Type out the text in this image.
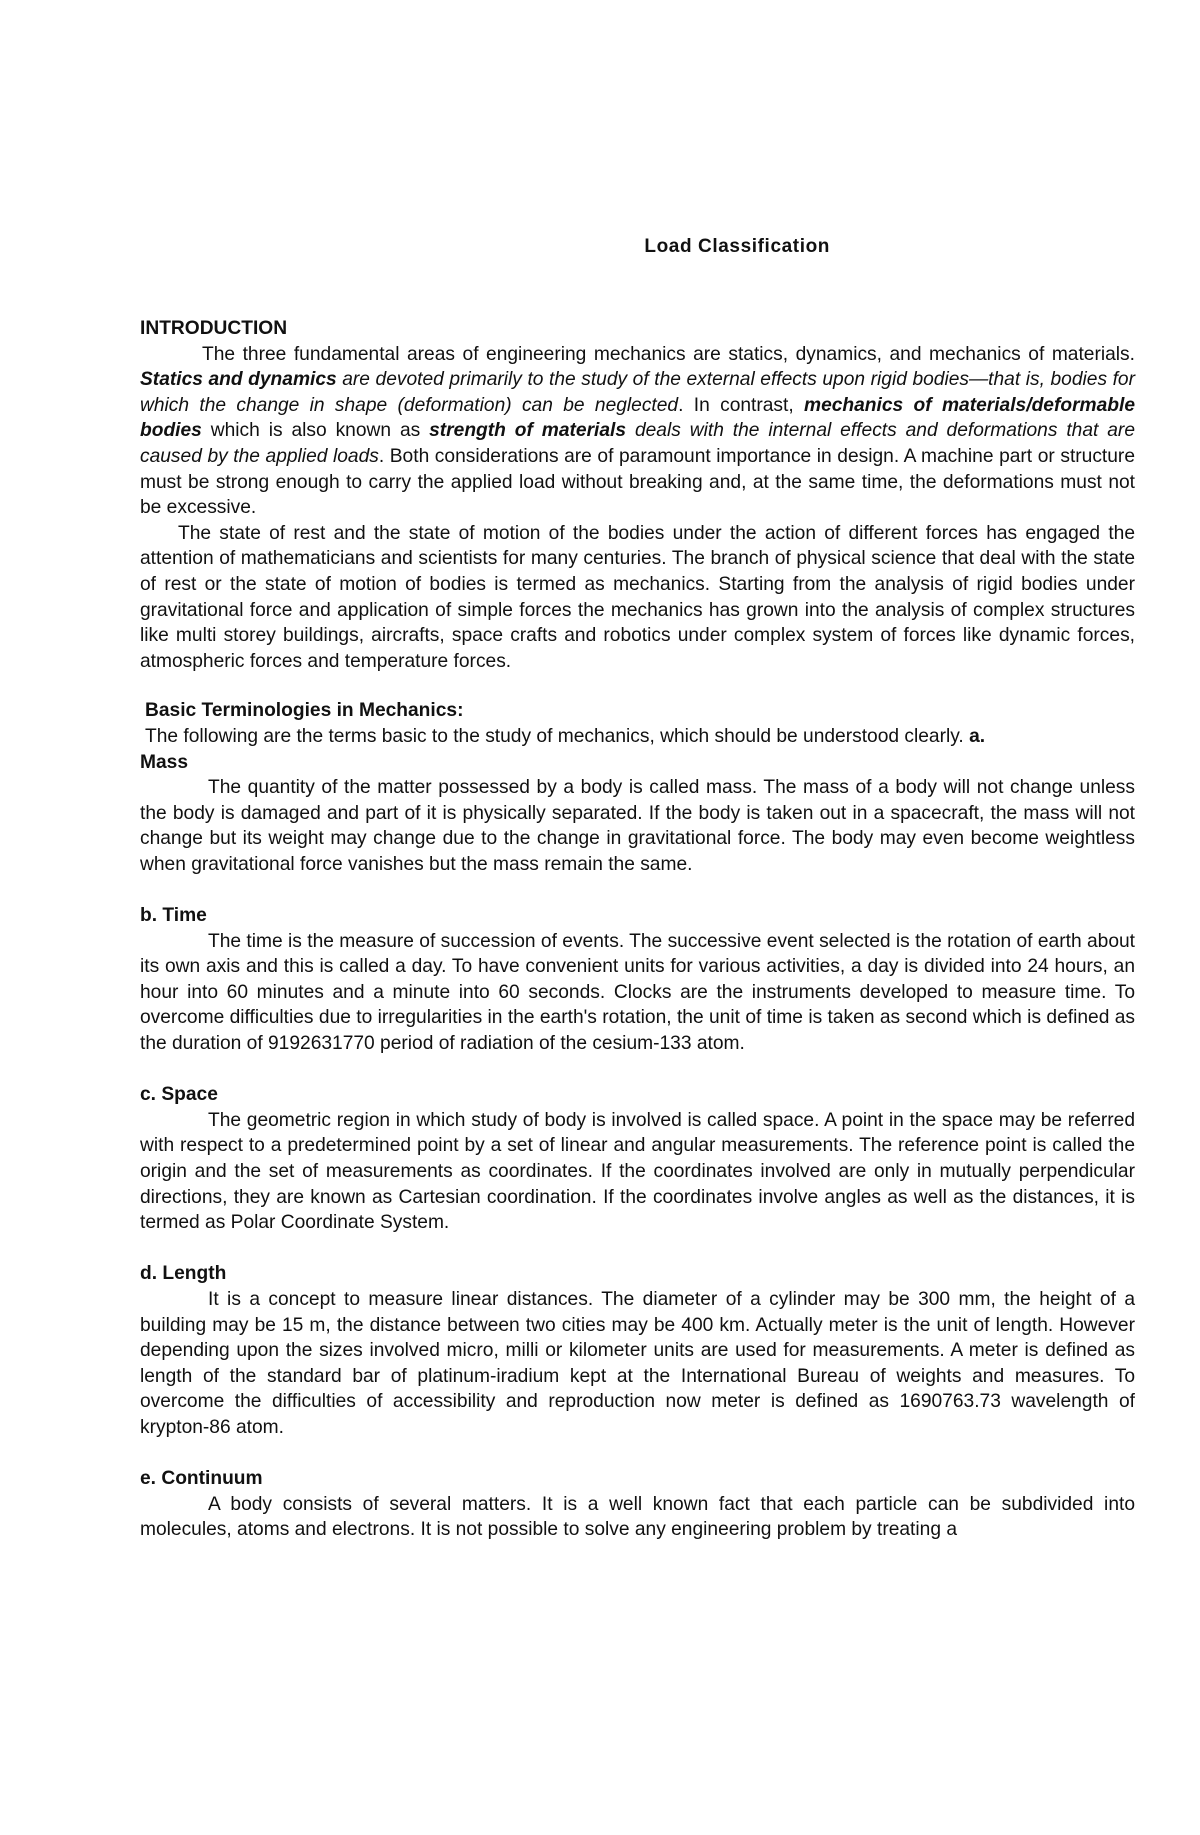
Load Classification
INTRODUCTION

The three fundamental areas of engineering mechanics are statics, dynamics, and mechanics of materials. Statics and dynamics are devoted primarily to the study of the external effects upon rigid bodies—that is, bodies for which the change in shape (deformation) can be neglected. In contrast, mechanics of materials/deformable bodies which is also known as strength of materials deals with the internal effects and deformations that are caused by the applied loads. Both considerations are of paramount importance in design. A machine part or structure must be strong enough to carry the applied load without breaking and, at the same time, the deformations must not be excessive.

The state of rest and the state of motion of the bodies under the action of different forces has engaged the attention of mathematicians and scientists for many centuries. The branch of physical science that deal with the state of rest or the state of motion of bodies is termed as mechanics. Starting from the analysis of rigid bodies under gravitational force and application of simple forces the mechanics has grown into the analysis of complex structures like multi storey buildings, aircrafts, space crafts and robotics under complex system of forces like dynamic forces, atmospheric forces and temperature forces.

Basic Terminologies in Mechanics:

The following are the terms basic to the study of mechanics, which should be understood clearly. a.

Mass

The quantity of the matter possessed by a body is called mass. The mass of a body will not change unless the body is damaged and part of it is physically separated. If the body is taken out in a spacecraft, the mass will not change but its weight may change due to the change in gravitational force. The body may even become weightless when gravitational force vanishes but the mass remain the same.

b. Time

The time is the measure of succession of events. The successive event selected is the rotation of earth about its own axis and this is called a day. To have convenient units for various activities, a day is divided into 24 hours, an hour into 60 minutes and a minute into 60 seconds. Clocks are the instruments developed to measure time. To overcome difficulties due to irregularities in the earth's rotation, the unit of time is taken as second which is defined as the duration of 9192631770 period of radiation of the cesium-133 atom.

c. Space

The geometric region in which study of body is involved is called space. A point in the space may be referred with respect to a predetermined point by a set of linear and angular measurements. The reference point is called the origin and the set of measurements as coordinates. If the coordinates involved are only in mutually perpendicular directions, they are known as Cartesian coordination. If the coordinates involve angles as well as the distances, it is termed as Polar Coordinate System.

d. Length

It is a concept to measure linear distances. The diameter of a cylinder may be 300 mm, the height of a building may be 15 m, the distance between two cities may be 400 km. Actually meter is the unit of length. However depending upon the sizes involved micro, milli or kilometer units are used for measurements. A meter is defined as length of the standard bar of platinum-iradium kept at the International Bureau of weights and measures. To overcome the difficulties of accessibility and reproduction now meter is defined as 1690763.73 wavelength of krypton-86 atom.

e. Continuum

A body consists of several matters. It is a well known fact that each particle can be subdivided into molecules, atoms and electrons. It is not possible to solve any engineering problem by treating a
